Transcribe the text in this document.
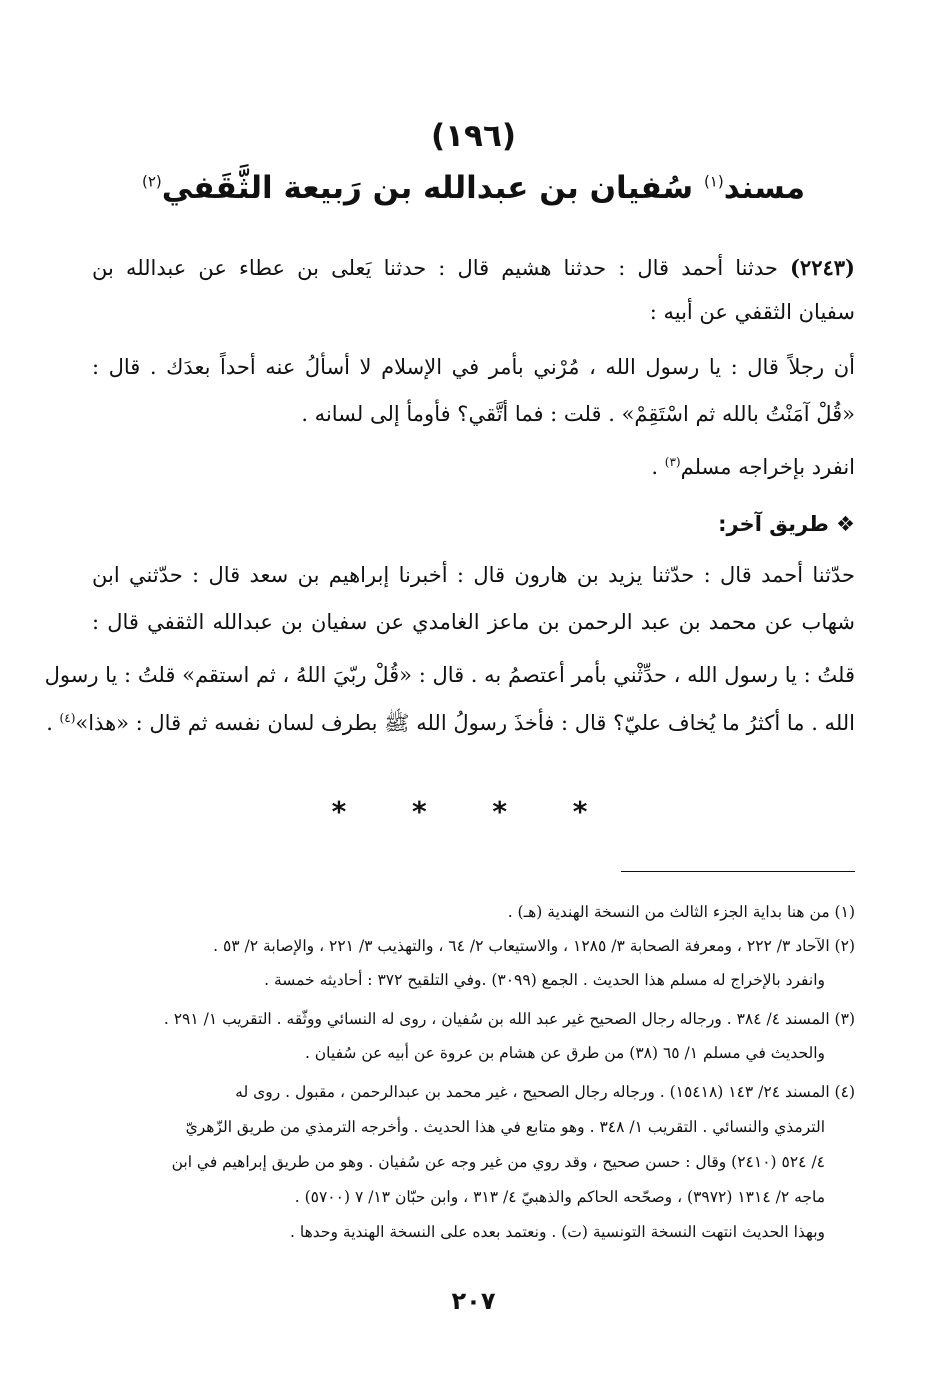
(١٩٦)
مسند$^{(١)}$ سُفيان بن عبدالله بن رَبيعة الثَّقَفي$^{(٢)}$
(٢٢٤٣) حدثنا أحمد قال : حدثنا هشيم قال : حدثنا يَعلى بن عطاء عن عبدالله بن
سفيان الثقفي عن أبيه :
أن رجلاً قال : يا رسول الله ، مُرْني بأمر في الإسلام لا أسألُ عنه أحداً بعدَك . قال :
«قُلْ آمَنْتُ بالله ثم اسْتَقِمْ» . قلت : فما أتَّقي؟ فأومأ إلى لسانه .
انفرد بإخراجه مسلم$^{(٣)}$ .
❖ طريق آخر:
حدّثنا أحمد قال : حدّثنا يزيد بن هارون قال : أخبرنا إبراهيم بن سعد قال : حدّثني ابن
شهاب عن محمد بن عبد الرحمن بن ماعز الغامدي عن سفيان بن عبدالله الثقفي قال :
قلتُ : يا رسول الله ، حدِّثْني بأمر أعتصمُ به . قال : «قُلْ ربّيَ اللهُ ، ثم استقم» قلتُ : يا رسول
الله . ما أكثرُ ما يُخاف عليّ؟ قال : فأخذَ رسولُ الله ﷺ بطرف لسان نفسه ثم قال : «هذا»$^{(٤)}$ .
* * * *
(١) من هنا بداية الجزء الثالث من النسخة الهندية (هـ) .
(٢) الآحاد ٣/ ٢٢٢ ، ومعرفة الصحابة ٣/ ١٢٨٥ ، والاستيعاب ٢/ ٦٤ ، والتهذيب ٣/ ٢٢١ ، والإصابة ٢/ ٥٣ .
وانفرد بالإخراج له مسلم هذا الحديث . الجمع (٣٠٩٩) .وفي التلقيح ٣٧٢ : أحاديثه خمسة .
(٣) المسند ٤/ ٣٨٤ . ورجاله رجال الصحيح غير عبد الله بن سُفيان ، روى له النسائي ووثّقه . التقريب ١/ ٢٩١ .
والحديث في مسلم ١/ ٦٥ (٣٨) من طرق عن هشام بن عروة عن أبيه عن سُفيان .
(٤) المسند ٢٤/ ١٤٣ (١٥٤١٨) . ورجاله رجال الصحيح ، غير محمد بن عبدالرحمن ، مقبول . روى له
الترمذي والنسائي . التقريب ١/ ٣٤٨ . وهو متابع في هذا الحديث . وأخرجه الترمذي من طريق الزّهريّ
٤/ ٥٢٤ (٢٤١٠) وقال : حسن صحيح ، وقد روي من غير وجه عن سُفيان . وهو من طريق إبراهيم في ابن
ماجه ٢/ ١٣١٤ (٣٩٧٢) ، وصحّحه الحاكم والذهبيّ ٤/ ٣١٣ ، وابن حبّان ١٣/ ٧ (٥٧٠٠) .
وبهذا الحديث انتهت النسخة التونسية (ت) . ونعتمد بعده على النسخة الهندية وحدها .
٢٠٧
